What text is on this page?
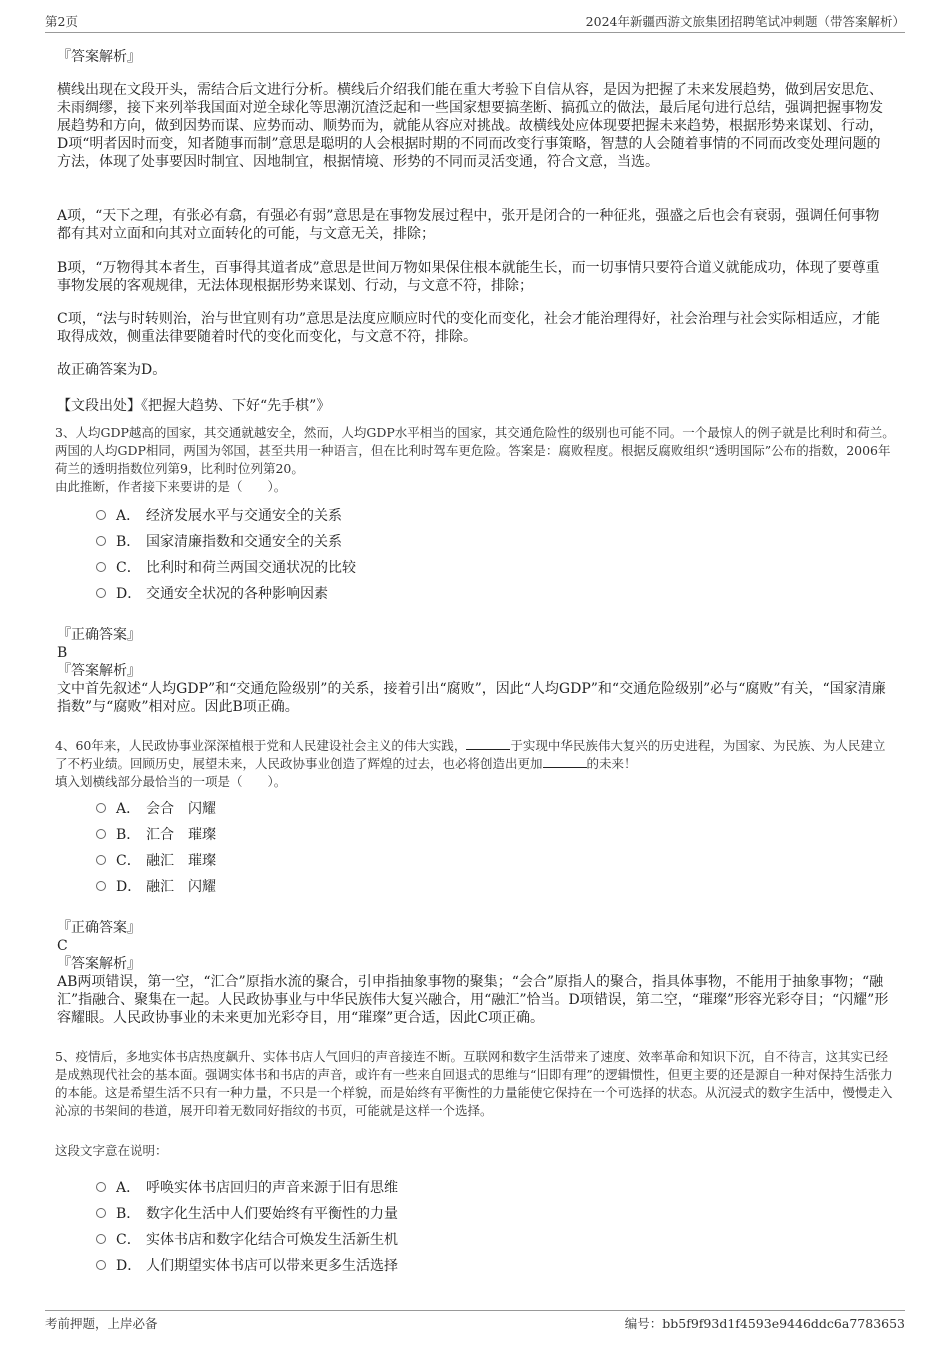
第2页	2024年新疆西游文旅集团招聘笔试冲刺题（带答案解析）

『答案解析』

横线出现在文段开头，需结合后文进行分析。横线后介绍我们能在重大考验下自信从容，是因为把握了未来发展趋势，做到居安思危、未雨绸缪，接下来列举我国面对逆全球化等思潮沉渣泛起和一些国家想要搞垄断、搞孤立的做法，最后尾句进行总结，强调把握事物发展趋势和方向，做到因势而谋、应势而动、顺势而为，就能从容应对挑战。故横线处应体现要把握未来趋势，根据形势来谋划、行动，D项“明者因时而变，知者随事而制”意思是聪明的人会根据时期的不同而改变行事策略，智慧的人会随着事情的不同而改变处理问题的方法，体现了处事要因时制宜、因地制宜，根据情境、形势的不同而灵活变通，符合文意，当选。

A项，“天下之理，有张必有翕，有强必有弱”意思是在事物发展过程中，张开是闭合的一种征兆，强盛之后也会有衰弱，强调任何事物都有其对立面和向其对立面转化的可能，与文意无关，排除；

B项，“万物得其本者生，百事得其道者成”意思是世间万物如果保住根本就能生长，而一切事情只要符合道义就能成功，体现了要尊重事物发展的客观规律，无法体现根据形势来谋划、行动，与文意不符，排除；

C项，“法与时转则治，治与世宜则有功”意思是法度应顺应时代的变化而变化，社会才能治理得好，社会治理与社会实际相适应，才能取得成效，侧重法律要随着时代的变化而变化，与文意不符，排除。

故正确答案为D。

【文段出处】《把握大趋势、下好“先手棋”》

3、人均GDP越高的国家，其交通就越安全，然而，人均GDP水平相当的国家，其交通危险性的级别也可能不同。一个最惊人的例子就是比利时和荷兰。两国的人均GDP相同，两国为邻国，甚至共用一种语言，但在比利时驾车更危险。答案是：腐败程度。根据反腐败组织“透明国际”公布的指数，2006年荷兰的透明指数位列第9，比利时位列第20。

由此推断，作者接下来要讲的是（　　）。

A． 经济发展水平与交通安全的关系
B． 国家清廉指数和交通安全的关系
C． 比利时和荷兰两国交通状况的比较
D． 交通安全状况的各种影响因素

『正确答案』

B

『答案解析』

文中首先叙述“人均GDP”和“交通危险级别”的关系，接着引出“腐败”，因此“人均GDP”和“交通危险级别”必与“腐败”有关，“国家清廉指数”与“腐败”相对应。因此B项正确。

4、60年来，人民政协事业深深植根于党和人民建设社会主义的伟大实践，	于实现中华民族伟大复兴的历史进程，为国家、为民族、为人民建立了不朽业绩。回顾历史，展望未来，人民政协事业创造了辉煌的过去，也必将创造出更加	的未来！

填入划横线部分最恰当的一项是（　　）。

A． 会合　闪耀
B． 汇合　璀璨
C． 融汇　璀璨
D． 融汇　闪耀

『正确答案』

C

『答案解析』

AB两项错误，第一空，“汇合”原指水流的聚合，引申指抽象事物的聚集；“会合”原指人的聚合，指具体事物，不能用于抽象事物；“融汇”指融合、聚集在一起。人民政协事业与中华民族伟大复兴融合，用“融汇”恰当。D项错误，第二空，“璀璨”形容光彩夺目；“闪耀”形容耀眼。人民政协事业的未来更加光彩夺目，用“璀璨”更合适，因此C项正确。

5、疫情后，多地实体书店热度飙升、实体书店人气回归的声音接连不断。互联网和数字生活带来了速度、效率革命和知识下沉，自不待言，这其实已经是成熟现代社会的基本面。强调实体书和书店的声音，或许有一些来自回退式的思维与“旧即有理”的逻辑惯性，但更主要的还是源自一种对保持生活张力的本能。这是希望生活不只有一种力量，不只是一个样貌，而是始终有平衡性的力量能使它保持在一个可选择的状态。从沉浸式的数字生活中，慢慢走入沁凉的书架间的巷道，展开印着无数同好指纹的书页，可能就是这样一个选择。

这段文字意在说明：

A． 呼唤实体书店回归的声音来源于旧有思维
B． 数字化生活中人们要始终有平衡性的力量
C． 实体书店和数字化结合可焕发生活新生机
D． 人们期望实体书店可以带来更多生活选择
考前押题，上岸必备	编号：bb5f9f93d1f4593e9446ddc6a7783653
